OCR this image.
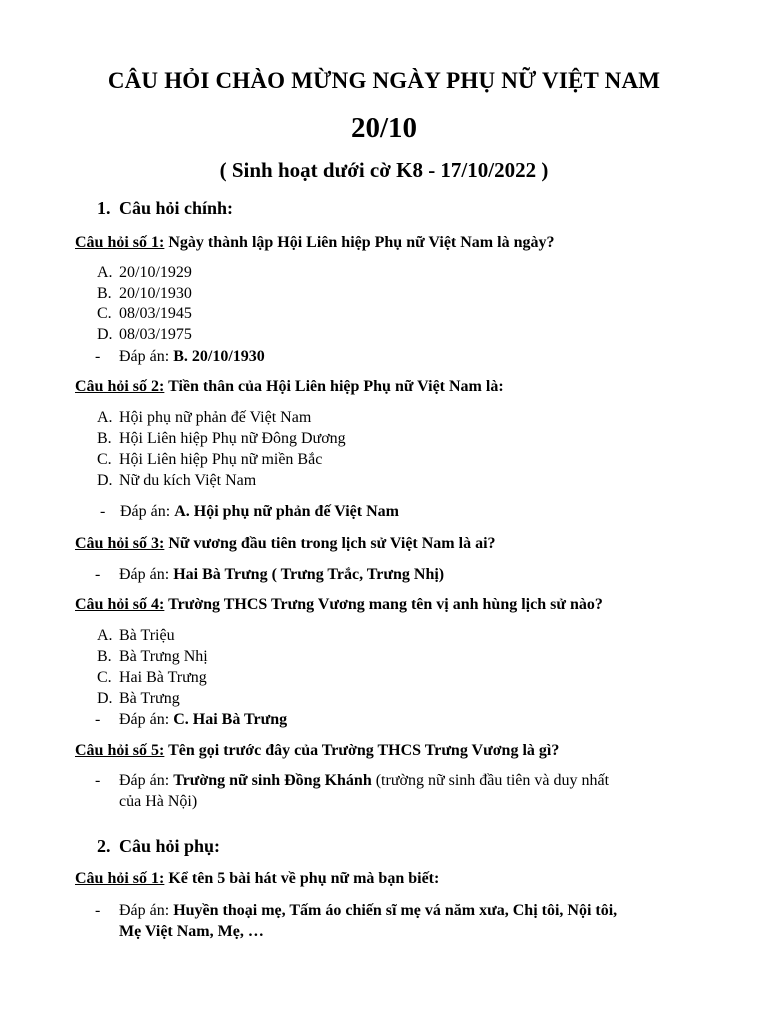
CÂU HỎI CHÀO MỪNG NGÀY PHỤ NỮ VIỆT NAM
20/10
( Sinh hoạt dưới cờ K8 - 17/10/2022 )
1. Câu hỏi chính:
Câu hỏi số 1: Ngày thành lập Hội Liên hiệp Phụ nữ Việt Nam là ngày?
A. 20/10/1929
B. 20/10/1930
C. 08/03/1945
D. 08/03/1975
- Đáp án: B. 20/10/1930
Câu hỏi số 2: Tiền thân của Hội Liên hiệp Phụ nữ Việt Nam là:
A. Hội phụ nữ phản đế Việt Nam
B. Hội Liên hiệp Phụ nữ Đông Dương
C. Hội Liên hiệp Phụ nữ miền Bắc
D. Nữ du kích Việt Nam
- Đáp án: A. Hội phụ nữ phản đế Việt Nam
Câu hỏi số 3: Nữ vương đầu tiên trong lịch sử Việt Nam là ai?
- Đáp án: Hai Bà Trưng ( Trưng Trắc, Trưng Nhị)
Câu hỏi số 4: Trường THCS Trưng Vương mang tên vị anh hùng lịch sử nào?
A. Bà Triệu
B. Bà Trưng Nhị
C. Hai Bà Trưng
D. Bà Trưng
- Đáp án: C. Hai Bà Trưng
Câu hỏi số 5: Tên gọi trước đây của Trường THCS Trưng Vương là gì?
- Đáp án: Trường nữ sinh Đồng Khánh (trường nữ sinh đầu tiên và duy nhất
của Hà Nội)
2. Câu hỏi phụ:
Câu hỏi số 1: Kể tên 5 bài hát về phụ nữ mà bạn biết:
- Đáp án: Huyền thoại mẹ, Tấm áo chiến sĩ mẹ vá năm xưa, Chị tôi, Nội tôi,
Mẹ Việt Nam, Mẹ, …
